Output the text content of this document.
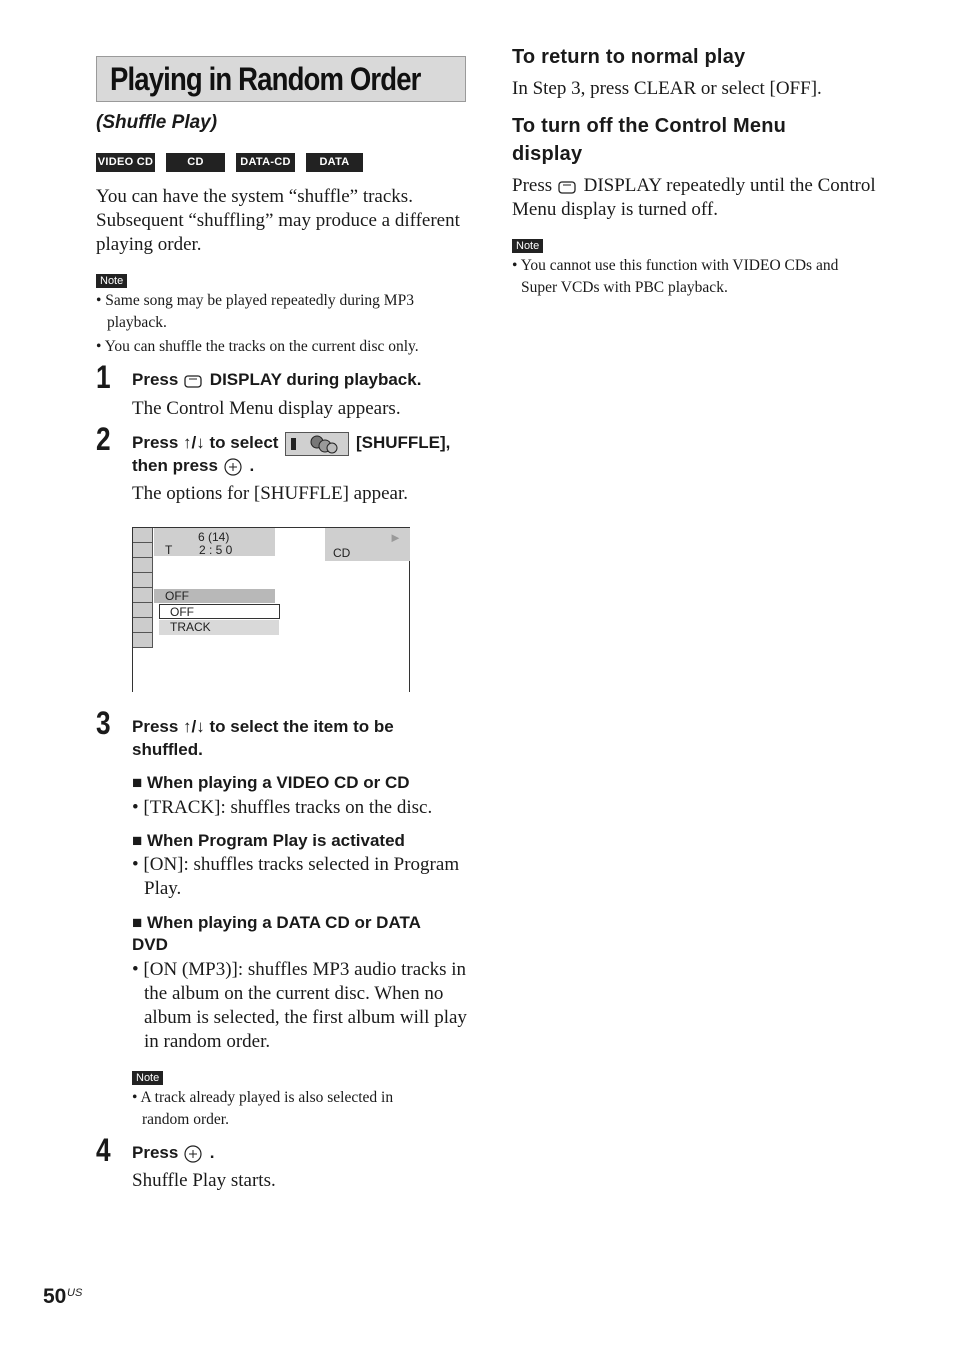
Playing in Random Order
(Shuffle Play)
VIDEO CD	CD	DATA-CD	DATA DVD
You can have the system “shuffle” tracks.
Subsequent “shuffling” may produce a different
playing order.
Note
• Same song may be played repeatedly during MP3
playback.
• You can shuffle the tracks on the current disc only.
1 Press DISPLAY during playback.
The Control Menu display appears.
2 Press ↑/↓ to select	[SHUFFLE],
then press .
The options for [SHUFFLE] appear.
6 (14)
T 2 : 5 0	CD
►
OFF
OFF
TRACK
3 Press ↑/↓ to select the item to be
shuffled.
■ When playing a VIDEO CD or CD
• [TRACK]: shuffles tracks on the disc.
■ When Program Play is activated
• [ON]: shuffles tracks selected in Program
Play.
■ When playing a DATA CD or DATA
DVD
• [ON (MP3)]: shuffles MP3 audio tracks in
the album on the current disc. When no
album is selected, the first album will play
in random order.
Note
• A track already played is also selected in
random order.
4 Press .
Shuffle Play starts.
To return to normal play
In Step 3, press CLEAR or select [OFF].
To turn off the Control Menu
display
Press DISPLAY repeatedly until the Control
Menu display is turned off.
Note
• You cannot use this function with VIDEO CDs and
Super VCDs with PBC playback.
50 US
